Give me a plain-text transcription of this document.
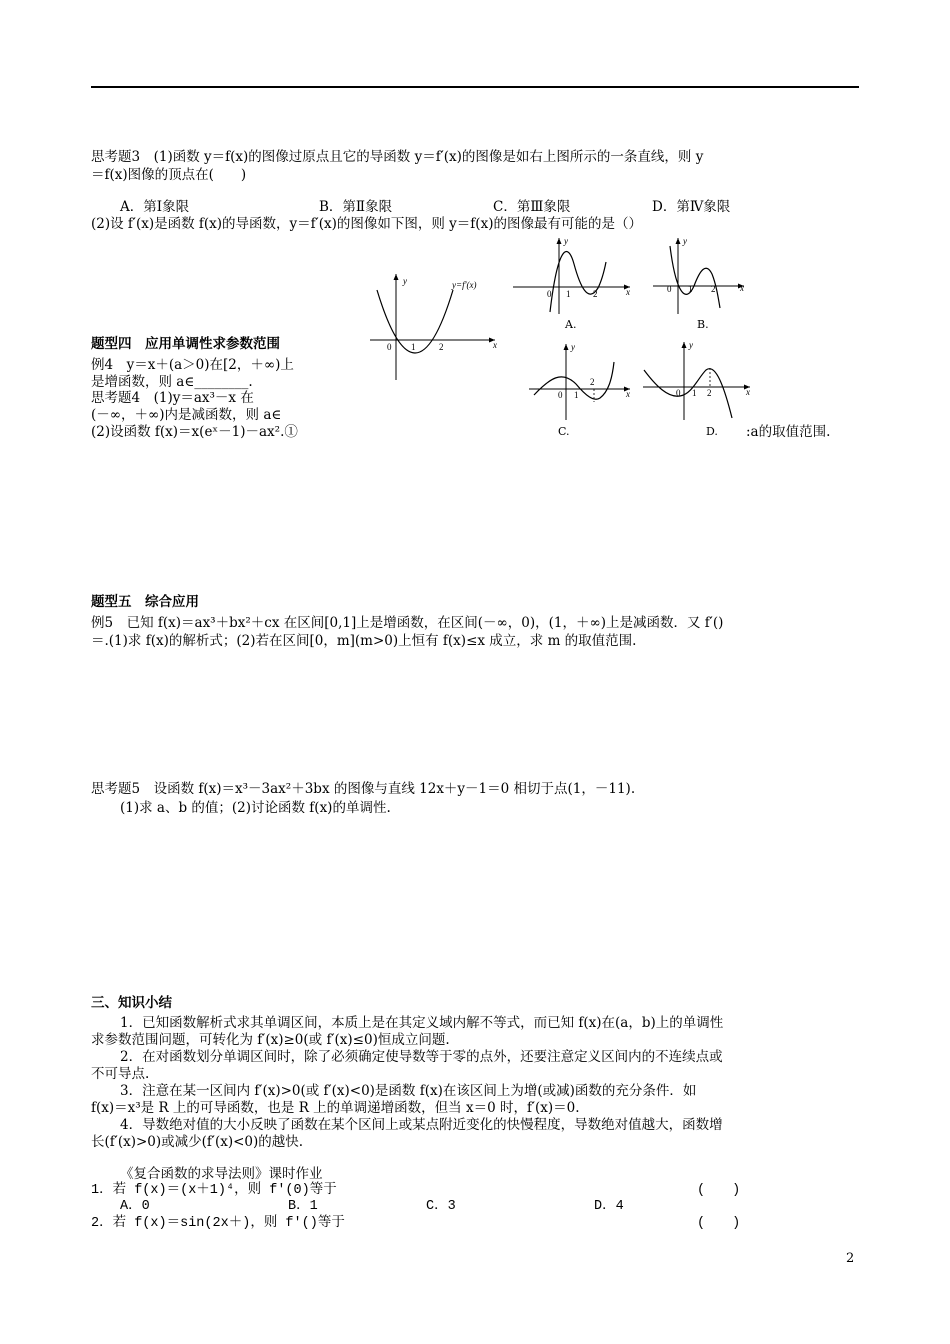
思考题3　(1)函数 y＝f(x)的图像过原点且它的导函数 y＝f′(x)的图像是如右上图所示的一条直线，则 y
＝f(x)图像的顶点在(　　)
A．第Ⅰ象限	B．第Ⅱ象限	C．第Ⅲ象限	D．第Ⅳ象限
(2)设 f′(x)是函数 f(x)的导函数，y＝f′(x)的图像如下图，则 y＝f(x)的图像最有可能的是（）
y	y=f′(x)
0 1	2	x
y
0 1	2	x
A.
y
0 1 2	x
B.
y
0 1
2
x
C.
y
0 1 2	x
D.
题型四　应用单调性求参数范围
例4　y＝x＋(a＞0)在[2，＋∞)上
是增函数，则 a∈________.
思考题4　(1)y＝ax³－x 在
(－∞，＋∞)内是减函数，则 a∈
(2)设函数 f(x)＝x(eˣ－1)－ax².①	:a的取值范围.
题型五　综合应用
例5　已知 f(x)＝ax³＋bx²＋cx 在区间[0,1]上是增函数，在区间(－∞，0)，(1，＋∞)上是减函数．又 f′()
＝.(1)求 f(x)的解析式；(2)若在区间[0，m](m>0)上恒有 f(x)≤x 成立，求 m 的取值范围.
思考题5　设函数 f(x)＝x³－3ax²＋3bx 的图像与直线 12x＋y－1＝0 相切于点(1，－11).
(1)求 a、b 的值；(2)讨论函数 f(x)的单调性.
三、知识小结
1．已知函数解析式求其单调区间，本质上是在其定义域内解不等式，而已知 f(x)在(a，b)上的单调性
求参数范围问题，可转化为 f′(x)≥0(或 f′(x)≤0)恒成立问题.
2．在对函数划分单调区间时，除了必须确定使导数等于零的点外，还要注意定义区间内的不连续点或
不可导点.
3．注意在某一区间内 f′(x)>0(或 f′(x)<0)是函数 f(x)在该区间上为增(或减)函数的充分条件．如
f(x)＝x³是 R 上的可导函数，也是 R 上的单调递增函数，但当 x＝0 时，f′(x)＝0.
4．导数绝对值的大小反映了函数在某个区间上或某点附近变化的快慢程度，导数绝对值越大，函数增
长(f′(x)>0)或减少(f′(x)<0)的越快.
《复合函数的求导法则》课时作业
1．若 f(x)＝(x＋1)⁴，则 f′(0)等于	(　　)
A．0	B．1	C．3	D．4
2．若 f(x)＝sin(2x＋)，则 f′()等于	(　　)
2
